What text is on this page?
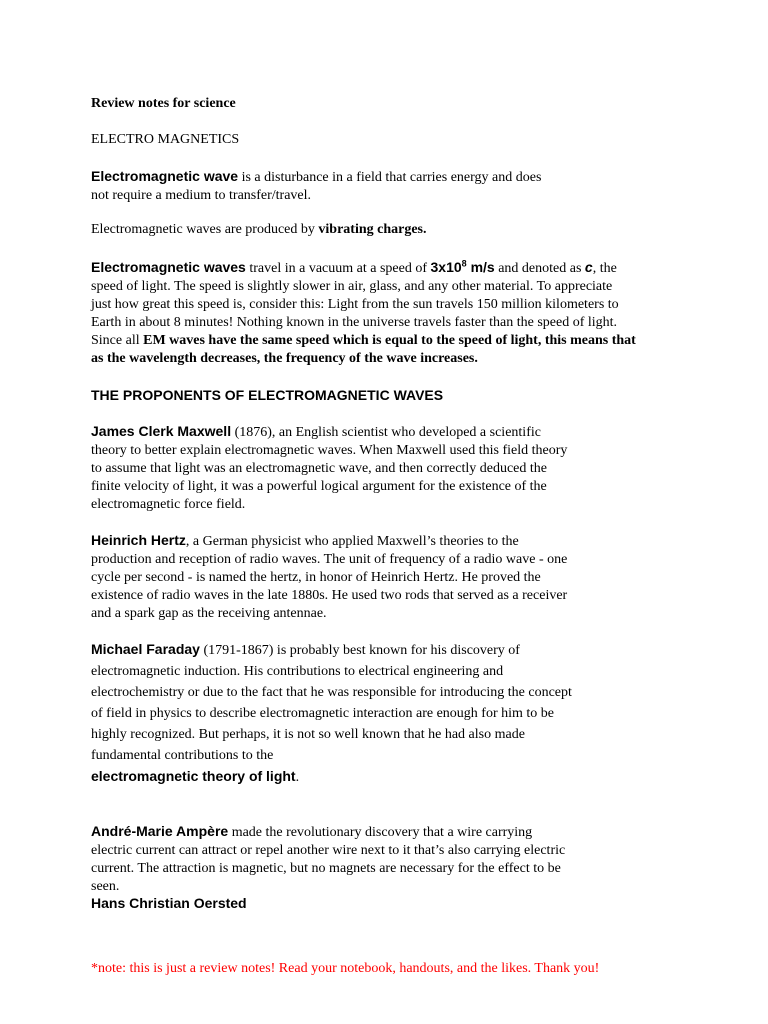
Review notes for science

ELECTRO MAGNETICS

Electromagnetic wave is a disturbance in a field that carries energy and does
not require a medium to transfer/travel.
Electromagnetic waves are produced by vibrating charges.
Electromagnetic waves travel in a vacuum at a speed of $3x10^8$ m/s and denoted as c, the
speed of light. The speed is slightly slower in air, glass, and any other material. To appreciate
just how great this speed is, consider this: Light from the sun travels 150 million kilometers to
Earth in about 8 minutes! Nothing known in the universe travels faster than the speed of light.
Since all EM waves have the same speed which is equal to the speed of light, this means that
as the wavelength decreases, the frequency of the wave increases.

THE PROPONENTS OF ELECTROMAGNETIC WAVES

James Clerk Maxwell (1876), an English scientist who developed a scientific
theory to better explain electromagnetic waves. When Maxwell used this field theory
to assume that light was an electromagnetic wave, and then correctly deduced the
finite velocity of light, it was a powerful logical argument for the existence of the
electromagnetic force field.
Heinrich Hertz, a German physicist who applied Maxwell’s theories to the
production and reception of radio waves. The unit of frequency of a radio wave - one
cycle per second - is named the hertz, in honor of Heinrich Hertz. He proved the
existence of radio waves in the late 1880s. He used two rods that served as a receiver
and a spark gap as the receiving antennae.
Michael Faraday (1791-1867) is probably best known for his discovery of
electromagnetic induction. His contributions to electrical engineering and
electrochemistry or due to the fact that he was responsible for introducing the concept
of field in physics to describe electromagnetic interaction are enough for him to be
highly recognized. But perhaps, it is not so well known that he had also made
fundamental contributions to the
electromagnetic theory of light.
André-Marie Ampère made the revolutionary discovery that a wire carrying
electric current can attract or repel another wire next to it that’s also carrying electric
current. The attraction is magnetic, but no magnets are necessary for the effect to be
seen.

Hans Christian Oersted

*note: this is just a review notes! Read your notebook, handouts, and the likes. Thank you!
